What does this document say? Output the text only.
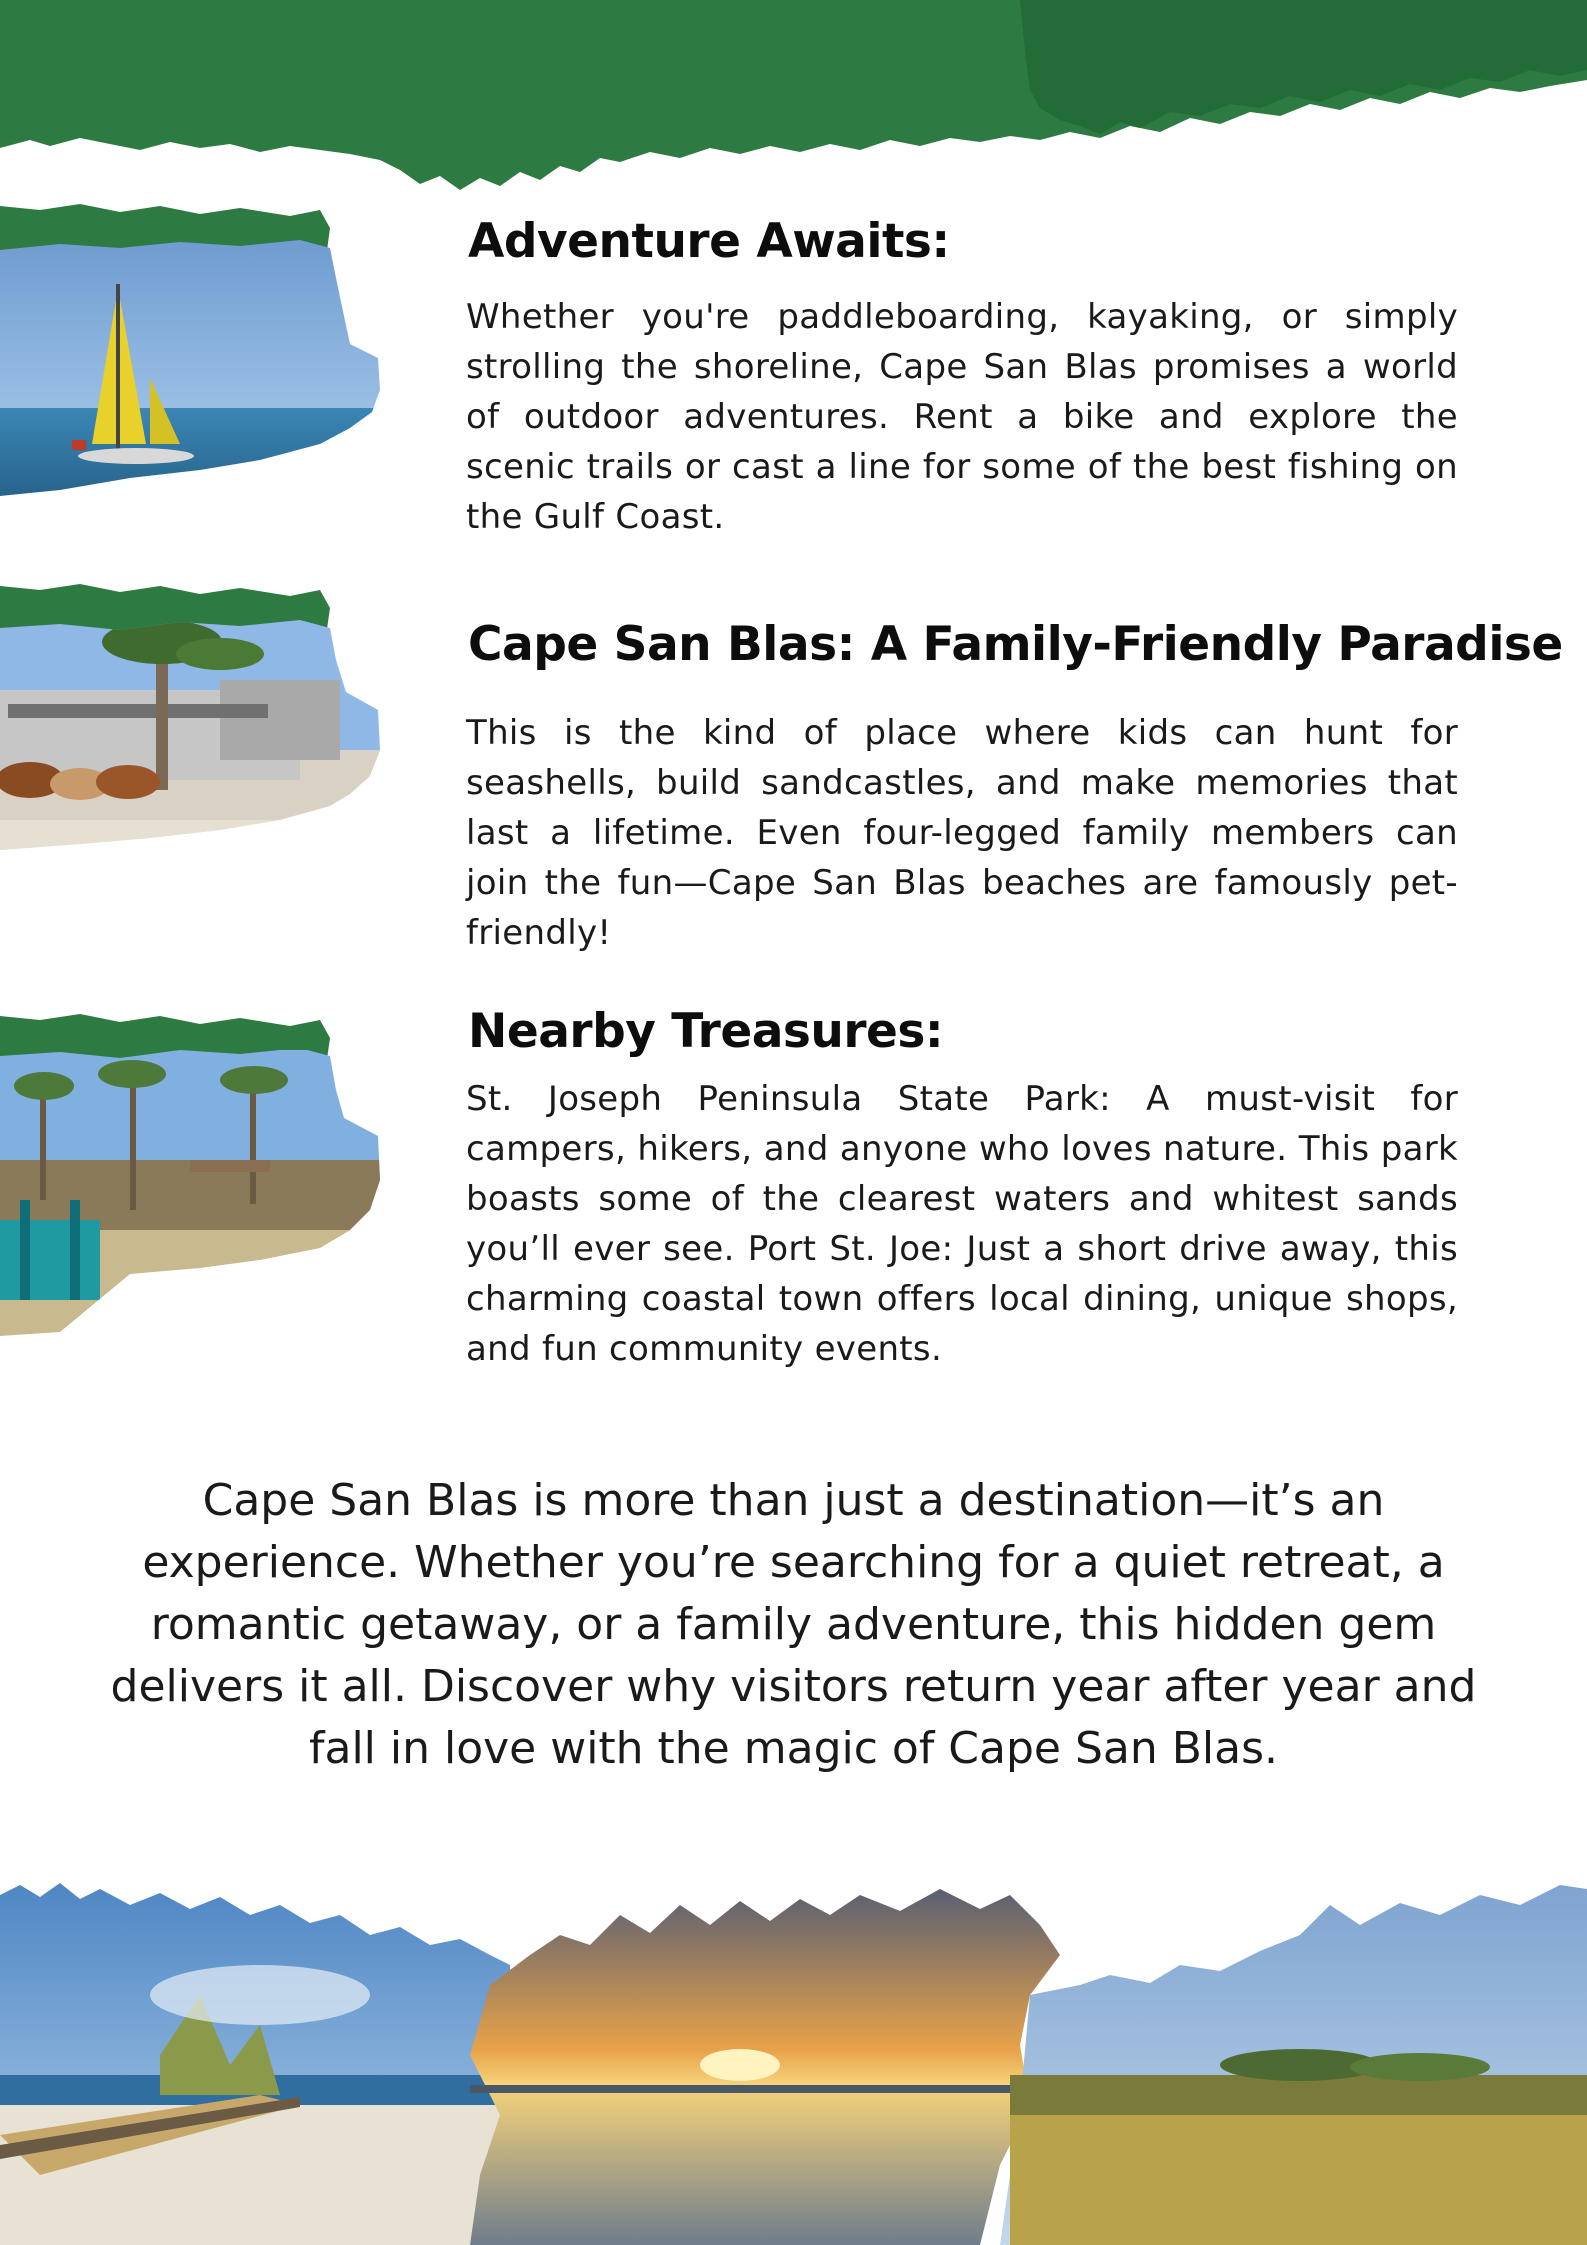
Adventure Awaits:

Whether you're paddleboarding, kayaking, or simply strolling the shoreline, Cape San Blas promises a world of outdoor adventures. Rent a bike and explore the scenic trails or cast a line for some of the best fishing on the Gulf Coast.

Cape San Blas: A Family-Friendly Paradise

This is the kind of place where kids can hunt for seashells, build sandcastles, and make memories that last a lifetime. Even four-legged family members can join the fun—Cape San Blas beaches are famously pet-friendly!

Nearby Treasures:

St. Joseph Peninsula State Park: A must-visit for campers, hikers, and anyone who loves nature. This park boasts some of the clearest waters and whitest sands you’ll ever see. Port St. Joe: Just a short drive away, this charming coastal town offers local dining, unique shops, and fun community events.

Cape San Blas is more than just a destination—it’s an experience. Whether you’re searching for a quiet retreat, a romantic getaway, or a family adventure, this hidden gem delivers it all. Discover why visitors return year after year and fall in love with the magic of Cape San Blas.
